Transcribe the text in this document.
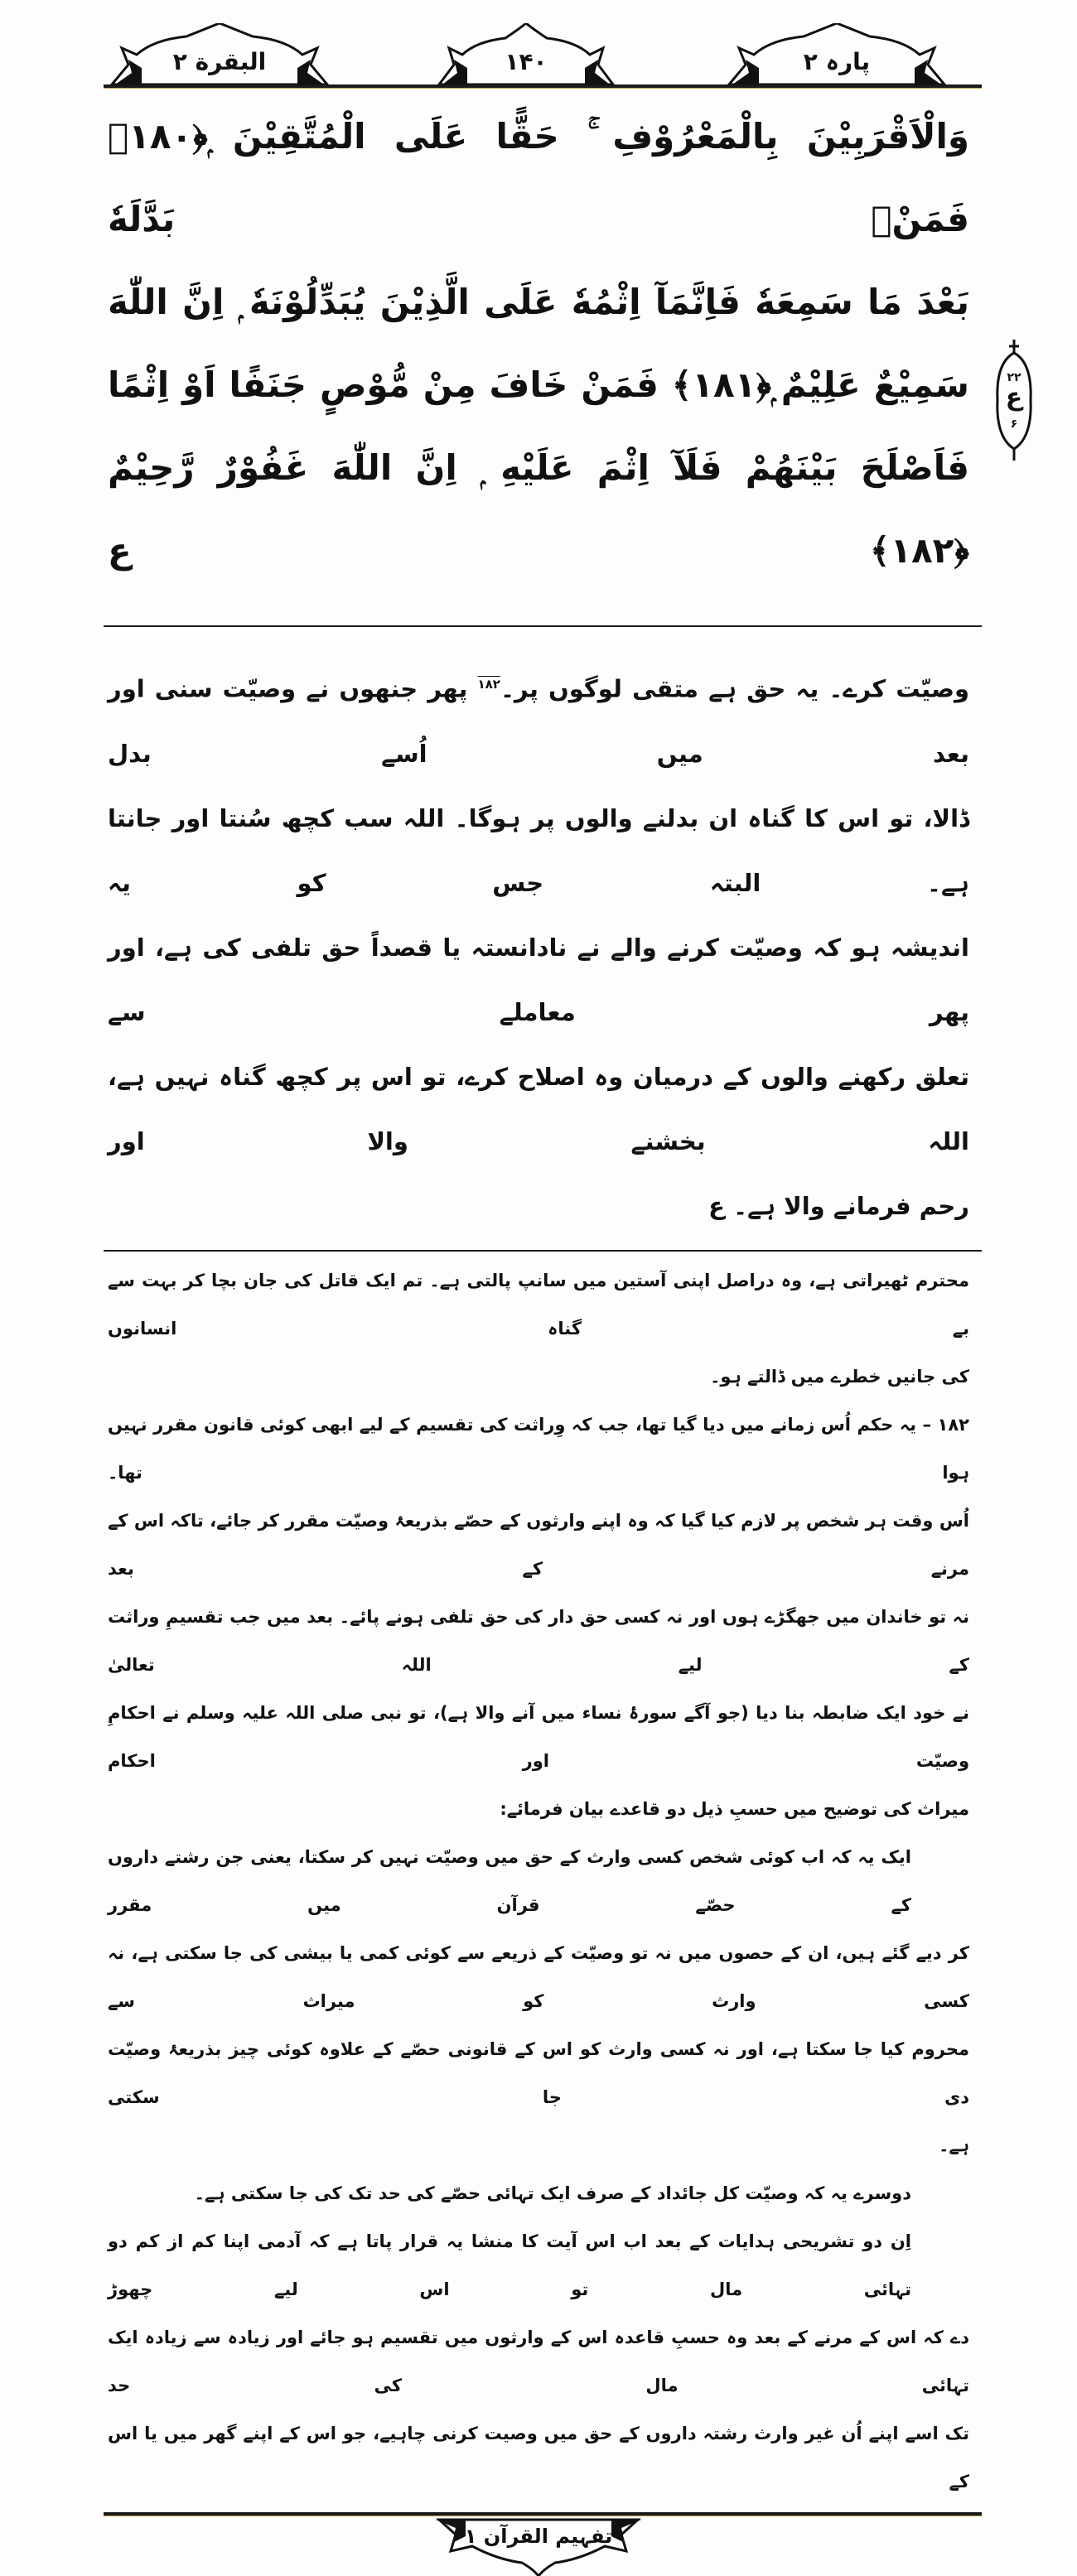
البقرة ۲	۱۴۰	پارہ ۲
۲۲
ع
۶
وَالْاَقْرَبِيْنَ بِالْمَعْرُوْفِ ۚ حَقًّا عَلَى الْمُتَّقِيْنَ ۭ﴿١٨٠﴾ فَمَنْۢ بَدَّلَهٗ
بَعْدَ مَا سَمِعَهٗ فَاِنَّمَآ اِثْمُهٗ عَلَى الَّذِيْنَ يُبَدِّلُوْنَهٗ ۭ اِنَّ اللّٰهَ
سَمِيْعٌ عَلِيْمٌ ۭ﴿١٨١﴾ فَمَنْ خَافَ مِنْ مُّوْصٍ جَنَفًا اَوْ اِثْمًا
فَاَصْلَحَ بَيْنَهُمْ فَلَآ اِثْمَ عَلَيْهِ ۭ اِنَّ اللّٰهَ غَفُوْرٌ رَّحِيْمٌ ﴿١٨٢﴾ ع
وصیّت کرے۔ یہ حق ہے متقی لوگوں پر۔$^{۱۸۲}$ پھر جنھوں نے وصیّت سنی اور بعد میں اُسے بدل
ڈالا، تو اس کا گناہ ان بدلنے والوں پر ہوگا۔ اللہ سب کچھ سُنتا اور جانتا ہے۔ البتہ جس کو یہ
اندیشہ ہو کہ وصیّت کرنے والے نے نادانستہ یا قصداً حق تلفی کی ہے، اور پھر معاملے سے
تعلق رکھنے والوں کے درمیان وہ اصلاح کرے، تو اس پر کچھ گناہ نہیں ہے، اللہ بخشنے والا اور
رحم فرمانے والا ہے۔ ع
محترم ٹھیراتی ہے، وہ دراصل اپنی آستین میں سانپ پالتی ہے۔ تم ایک قاتل کی جان بچا کر بہت سے بے گناہ انسانوں
کی جانیں خطرے میں ڈالتے ہو۔
۱۸۲ – یہ حکم اُس زمانے میں دیا گیا تھا، جب کہ وِراثت کی تقسیم کے لیے ابھی کوئی قانون مقرر نہیں ہوا تھا۔
اُس وقت ہر شخص پر لازم کیا گیا کہ وہ اپنے وارثوں کے حصّے بذریعۂ وصیّت مقرر کر جائے، تاکہ اس کے مرنے کے بعد
نہ تو خاندان میں جھگڑے ہوں اور نہ کسی حق دار کی حق تلفی ہونے پائے۔ بعد میں جب تقسیمِ وراثت کے لیے اللہ تعالیٰ
نے خود ایک ضابطہ بنا دیا (جو آگے سورۂ نساء میں آنے والا ہے)، تو نبی صلی اللہ علیہ وسلم نے احکامِ وصیّت اور احکام
میراث کی توضیح میں حسبِ ذیل دو قاعدے بیان فرمائے:
ایک یہ کہ اب کوئی شخص کسی وارث کے حق میں وصیّت نہیں کر سکتا، یعنی جن رشتے داروں کے حصّے قرآن میں مقرر
کر دیے گئے ہیں، ان کے حصوں میں نہ تو وصیّت کے ذریعے سے کوئی کمی یا بیشی کی جا سکتی ہے، نہ کسی وارث کو میراث سے
محروم کیا جا سکتا ہے، اور نہ کسی وارث کو اس کے قانونی حصّے کے علاوہ کوئی چیز بذریعۂ وصیّت دی جا سکتی
ہے۔
دوسرے یہ کہ وصیّت کل جائداد کے صرف ایک تہائی حصّے کی حد تک کی جا سکتی ہے۔
اِن دو تشریحی ہدایات کے بعد اب اس آیت کا منشا یہ قرار پاتا ہے کہ آدمی اپنا کم از کم دو تہائی مال تو اس لیے چھوڑ
دے کہ اس کے مرنے کے بعد وہ حسبِ قاعدہ اس کے وارثوں میں تقسیم ہو جائے اور زیادہ سے زیادہ ایک تہائی مال کی حد
تک اسے اپنے اُن غیر وارث رشتہ داروں کے حق میں وصیت کرنی چاہیے، جو اس کے اپنے گھر میں یا اس کے
تفہیم القرآن ۱
